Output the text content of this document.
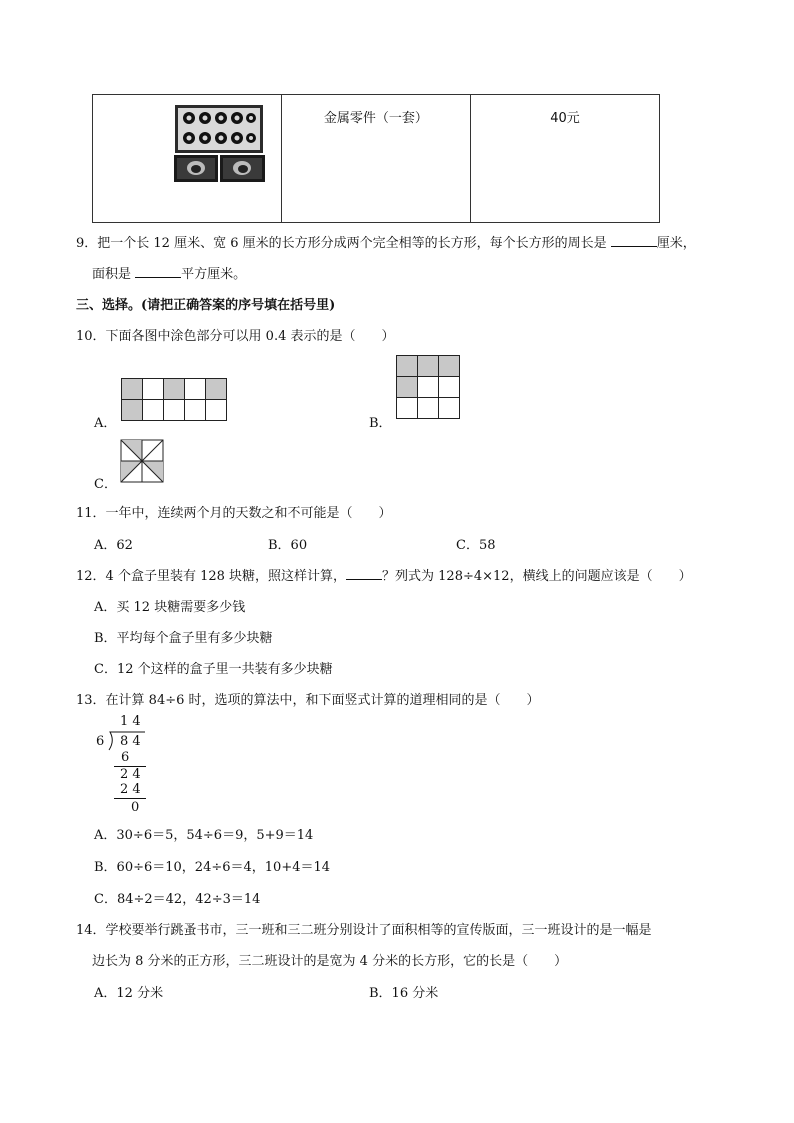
金属零件（一套）	40元
9．把一个长 12 厘米、宽 6 厘米的长方形分成两个完全相等的长方形，每个长方形的周长是	厘米，
面积是	平方厘米。
三、选择。(请把正确答案的序号填在括号里)
10．下面各图中涂色部分可以用 0.4 表示的是（　　）
A．	B．
C．
11．一年中，连续两个月的天数之和不可能是（　　）
A．62	B．60	C．58
12．4 个盒子里装有 128 块糖，照这样计算，	？列式为 128÷4×12，横线上的问题应该是（　　）
A．买 12 块糖需要多少钱
B．平均每个盒子里有多少块糖
C．12 个这样的盒子里一共装有多少块糖
13．在计算 84÷6 时，选项的算法中，和下面竖式计算的道理相同的是（　　）
1 4
6 8 4
6
2 4
2 4
0
A．30÷6＝5，54÷6＝9，5+9＝14
B．60÷6＝10，24÷6＝4，10+4＝14
C．84÷2＝42，42÷3＝14
14．学校要举行跳蚤书市，三一班和三二班分别设计了面积相等的宣传版面，三一班设计的是一幅是
边长为 8 分米的正方形，三二班设计的是宽为 4 分米的长方形，它的长是（　　）
A．12 分米	B．16 分米
